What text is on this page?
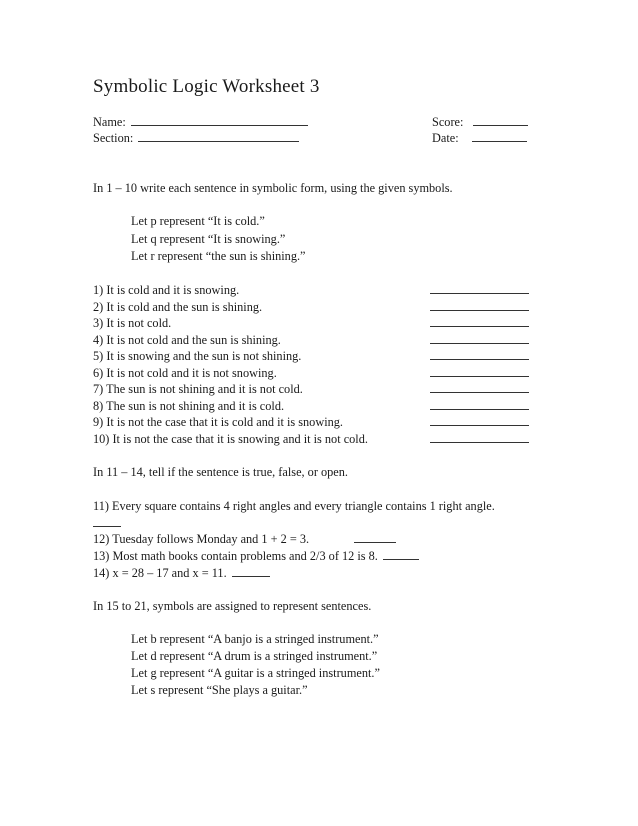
Symbolic Logic Worksheet 3
Name:	Score:
Section:	Date:
In 1 – 10 write each sentence in symbolic form, using the given symbols.
Let p represent “It is cold.”
Let q represent “It is snowing.”
Let r represent “the sun is shining.”
1) It is cold and it is snowing.
2) It is cold and the sun is shining.
3) It is not cold.
4) It is not cold and the sun is shining.
5) It is snowing and the sun is not shining.
6) It is not cold and it is not snowing.
7) The sun is not shining and it is not cold.
8) The sun is not shining and it is cold.
9) It is not the case that it is cold and it is snowing.
10) It is not the case that it is snowing and it is not cold.
In 11 – 14, tell if the sentence is true, false, or open.
11) Every square contains 4 right angles and every triangle contains 1 right angle.
12) Tuesday follows Monday and 1 + 2 = 3.
13) Most math books contain problems and 2/3 of 12 is 8.
14) x = 28 – 17 and x = 11.
In 15 to 21, symbols are assigned to represent sentences.
Let b represent “A banjo is a stringed instrument.”
Let d represent “A drum is a stringed instrument.”
Let g represent “A guitar is a stringed instrument.”
Let s represent “She plays a guitar.”
